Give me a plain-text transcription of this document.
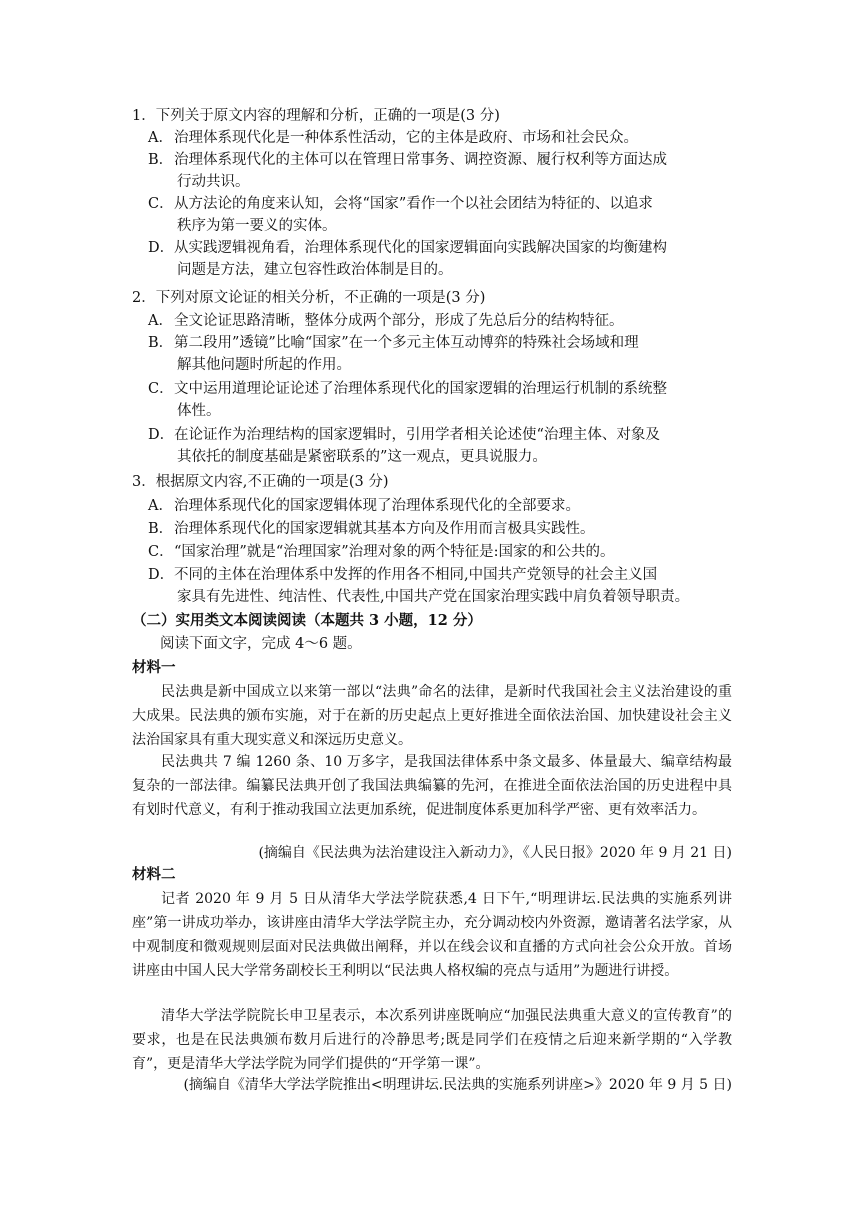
1．下列关于原文内容的理解和分析，正确的一项是(3 分)
A．治理体系现代化是一种体系性活动，它的主体是政府、市场和社会民众。
B．治理体系现代化的主体可以在管理日常事务、调控资源、履行权利等方面达成
行动共识。
C．从方法论的角度来认知，会将“国家”看作一个以社会团结为特征的、以追求
秩序为第一要义的实体。
D．从实践逻辑视角看，治理体系现代化的国家逻辑面向实践解决国家的均衡建构
问题是方法，建立包容性政治体制是目的。
2．下列对原文论证的相关分析，不正确的一项是(3 分)
A．全文论证思路清晰，整体分成两个部分，形成了先总后分的结构特征。
B．第二段用”透镜”比喻“国家”在一个多元主体互动博弈的特殊社会场域和理
解其他问题时所起的作用。
C．文中运用道理论证论述了治理体系现代化的国家逻辑的治理运行机制的系统整
体性。
D．在论证作为治理结构的国家逻辑时，引用学者相关论述使“治理主体、对象及
其依托的制度基础是紧密联系的”这一观点，更具说服力。
3．根据原文内容,不正确的一项是(3 分)
A．治理体系现代化的国家逻辑体现了治理体系现代化的全部要求。
B．治理体系现代化的国家逻辑就其基本方向及作用而言极具实践性。
C．“国家治理”就是“治理国家”治理对象的两个特征是:国家的和公共的。
D．不同的主体在治理体系中发挥的作用各不相同,中国共产党领导的社会主义国
家具有先进性、纯洁性、代表性,中国共产党在国家治理实践中肩负着领导职责。
（二）实用类文本阅读阅读（本题共 3 小题，12 分）
阅读下面文字，完成 4～6 题。
材料一
民法典是新中国成立以来第一部以“法典”命名的法律，是新时代我国社会主义法治建设的重大成果。民法典的颁布实施，对于在新的历史起点上更好推进全面依法治国、加快建设社会主义法治国家具有重大现实意义和深远历史意义。
民法典共 7 编 1260 条、10 万多字，是我国法律体系中条文最多、体量最大、编章结构最复杂的一部法律。编纂民法典开创了我国法典编纂的先河，在推进全面依法治国的历史进程中具有划时代意义，有利于推动我国立法更加系统，促进制度体系更加科学严密、更有效率活力。
(摘编自《民法典为法治建设注入新动力》，《人民日报》2020 年 9 月 21 日)
材料二
记者 2020 年 9 月 5 日从清华大学法学院获悉,4 日下午,“明理讲坛.民法典的实施系列讲座”第一讲成功举办，该讲座由清华大学法学院主办，充分调动校内外资源，邀请著名法学家，从中观制度和微观规则层面对民法典做出阐释，并以在线会议和直播的方式向社会公众开放。首场讲座由中国人民大学常务副校长王利明以“民法典人格权编的亮点与适用”为题进行讲授。
清华大学法学院院长申卫星表示，本次系列讲座既响应“加强民法典重大意义的宣传教育”的要求，也是在民法典颁布数月后进行的冷静思考;既是同学们在疫情之后迎来新学期的“入学教育”，更是清华大学法学院为同学们提供的“开学第一课”。
(摘编自《清华大学法学院推出<明理讲坛.民法典的实施系列讲座>》2020 年 9 月 5 日)
